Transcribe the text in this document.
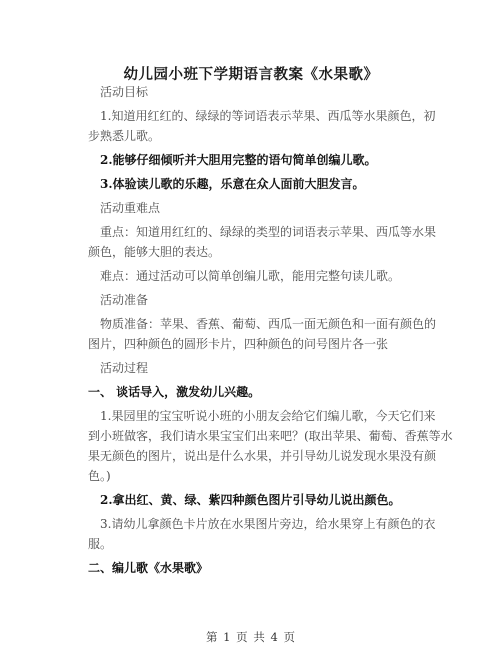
幼儿园小班下学期语言教案《水果歌》

活动目标

1.知道用红红的、绿绿的等词语表示苹果、西瓜等水果颜色，初

步熟悉儿歌。

2.能够仔细倾听并大胆用完整的语句简单创编儿歌。

3.体验读儿歌的乐趣，乐意在众人面前大胆发言。

活动重难点

重点：知道用红红的、绿绿的类型的词语表示苹果、西瓜等水果

颜色，能够大胆的表达。

难点：通过活动可以简单创编儿歌，能用完整句读儿歌。

活动准备

物质准备：苹果、香蕉、葡萄、西瓜一面无颜色和一面有颜色的

图片，四种颜色的圆形卡片，四种颜色的问号图片各一张

活动过程

一、 谈话导入，激发幼儿兴趣。

1.果园里的宝宝听说小班的小朋友会给它们编儿歌，今天它们来

到小班做客，我们请水果宝宝们出来吧？(取出苹果、葡萄、香蕉等水

果无颜色的图片，说出是什么水果，并引导幼儿说发现水果没有颜

色。)

2.拿出红、黄、绿、紫四种颜色图片引导幼儿说出颜色。

3.请幼儿拿颜色卡片放在水果图片旁边，给水果穿上有颜色的衣

服。

二、编儿歌《水果歌》

第 1 页 共 4 页
